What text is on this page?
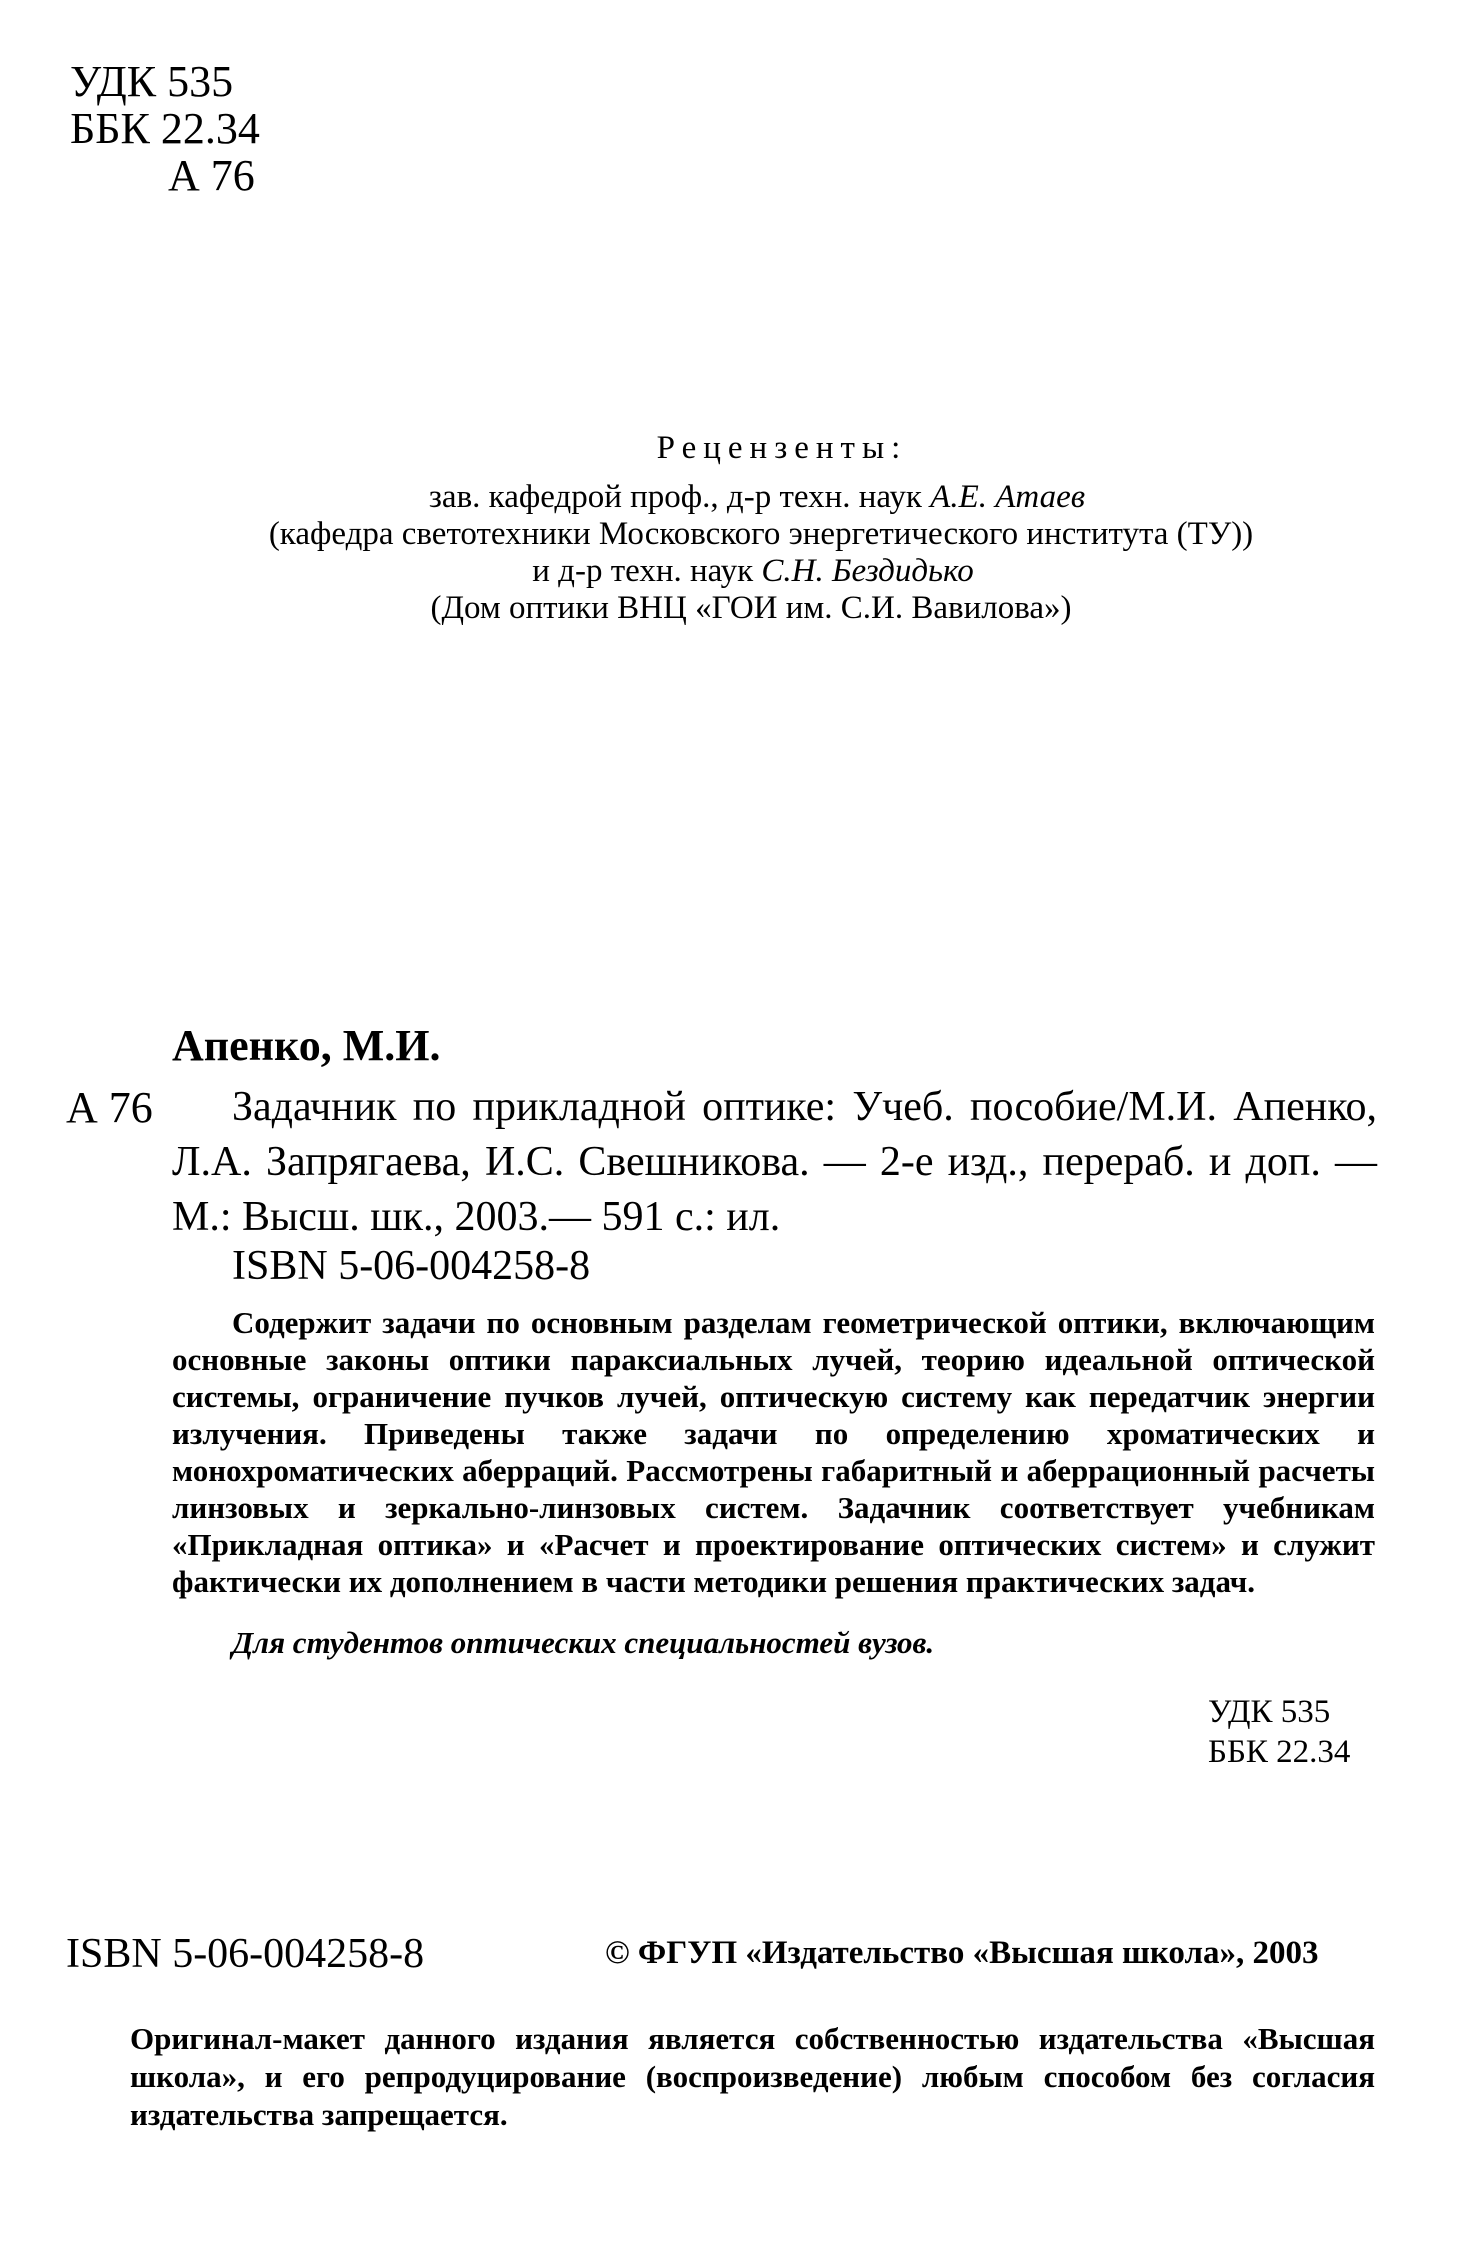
УДК 535
ББК 22.34
А 76
Рецензенты:
зав. кафедрой проф., д-р техн. наук А.Е. Атаев
(кафедра светотехники Московского энергетического института (ТУ))
и д-р техн. наук С.Н. Бездидько
(Дом оптики ВНЦ «ГОИ им. С.И. Вавилова»)
Апенко, М.И.
А 76	Задачник по прикладной оптике: Учеб. пособие/М.И. Апенко, Л.А. Запрягаева, И.С. Свешникова. — 2-е изд., перераб. и доп. — М.: Высш. шк., 2003.— 591 с.: ил.
ISBN 5-06-004258-8
Содержит задачи по основным разделам геометрической оптики, включающим основные законы оптики параксиальных лучей, теорию идеальной оптической системы, ограничение пучков лучей, оптическую систему как передатчик энергии излучения. Приведены также задачи по определению хроматических и монохроматических аберраций. Рассмотрены габаритный и аберрационный расчеты линзовых и зеркально-линзовых систем. Задачник соответствует учебникам «Прикладная оптика» и «Расчет и проектирование оптических систем» и служит фактически их дополнением в части методики решения практических задач.
Для студентов оптических специальностей вузов.
УДК 535
ББК 22.34
ISBN 5-06-004258-8	© ФГУП «Издательство «Высшая школа», 2003
Оригинал-макет данного издания является собственностью издательства «Высшая школа», и его репродуцирование (воспроизведение) любым способом без согласия издательства запрещается.
